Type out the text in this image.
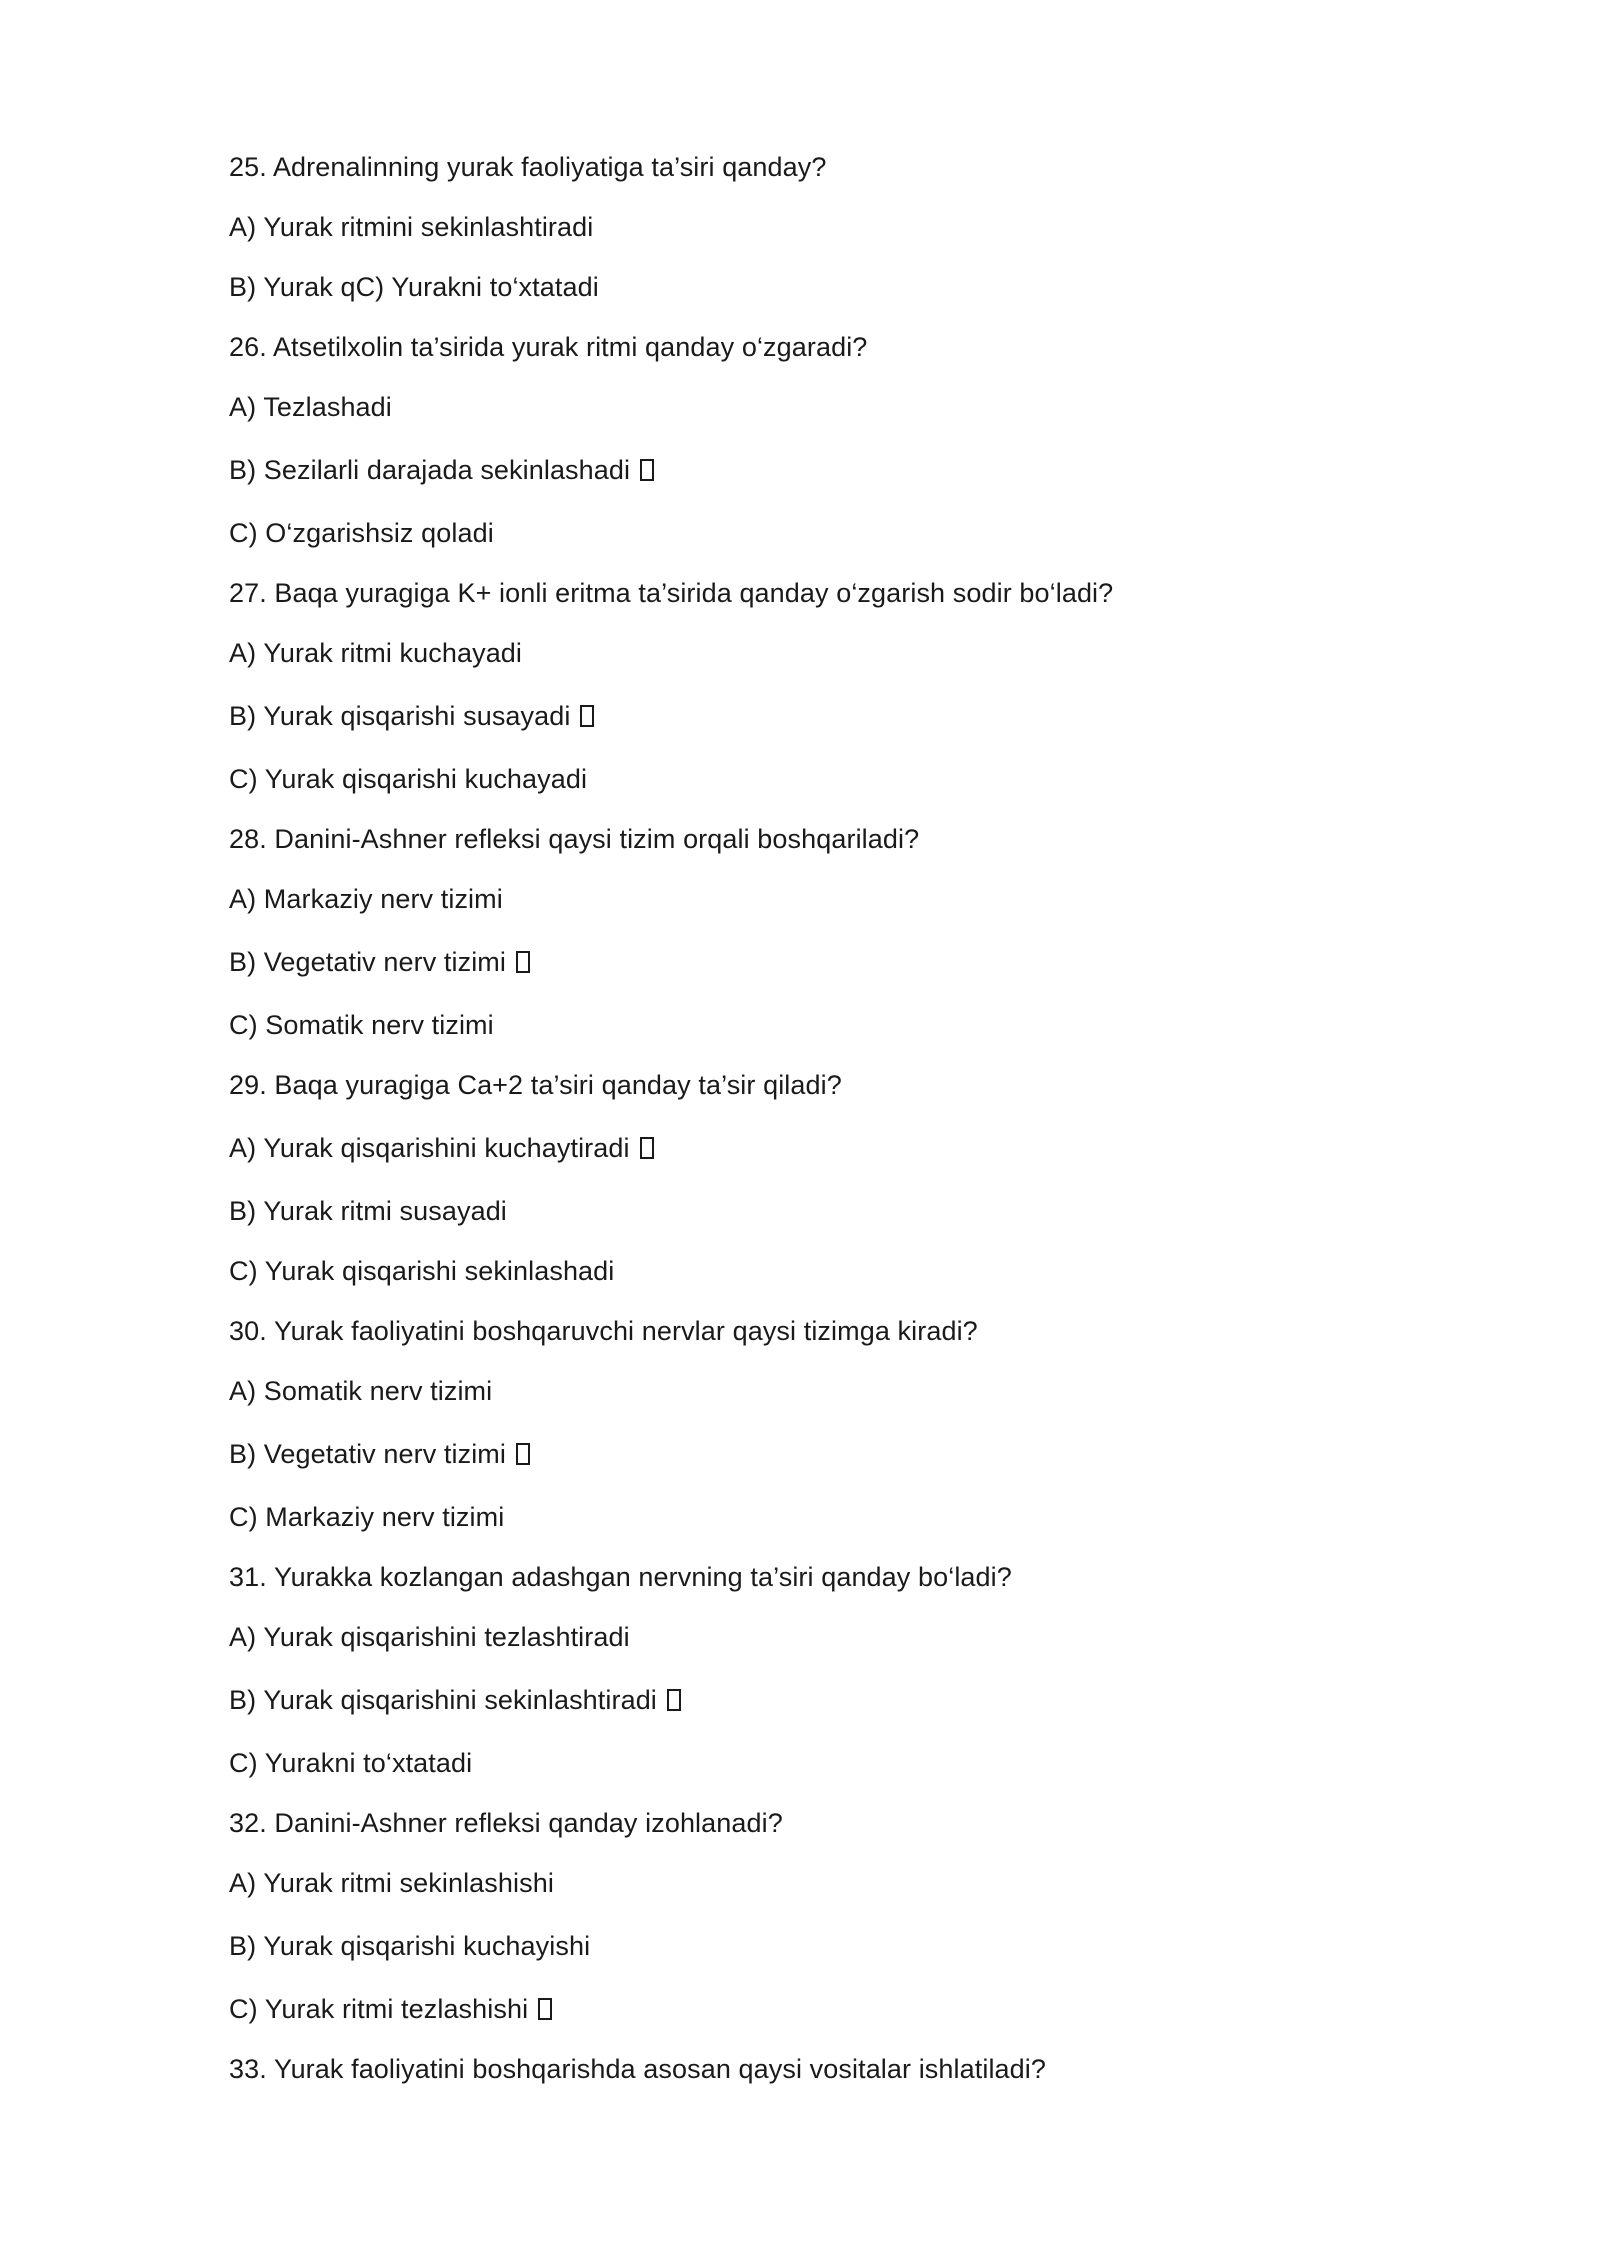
25. Adrenalinning yurak faoliyatiga ta’siri qanday?
A) Yurak ritmini sekinlashtiradi
B) Yurak qC) Yurakni to‘xtatadi
26. Atsetilxolin ta’sirida yurak ritmi qanday o‘zgaradi?
A) Tezlashadi
B) Sezilarli darajada sekinlashadi
C) O‘zgarishsiz qoladi
27. Baqa yuragiga K+ ionli eritma ta’sirida qanday o‘zgarish sodir bo‘ladi?
A) Yurak ritmi kuchayadi
B) Yurak qisqarishi susayadi
C) Yurak qisqarishi kuchayadi
28. Danini-Ashner refleksi qaysi tizim orqali boshqariladi?
A) Markaziy nerv tizimi
B) Vegetativ nerv tizimi
C) Somatik nerv tizimi
29. Baqa yuragiga Ca+2 ta’siri qanday ta’sir qiladi?
A) Yurak qisqarishini kuchaytiradi
B) Yurak ritmi susayadi
C) Yurak qisqarishi sekinlashadi
30. Yurak faoliyatini boshqaruvchi nervlar qaysi tizimga kiradi?
A) Somatik nerv tizimi
B) Vegetativ nerv tizimi
C) Markaziy nerv tizimi
31. Yurakka kozlangan adashgan nervning ta’siri qanday bo‘ladi?
A) Yurak qisqarishini tezlashtiradi
B) Yurak qisqarishini sekinlashtiradi
C) Yurakni to‘xtatadi
32. Danini-Ashner refleksi qanday izohlanadi?
A) Yurak ritmi sekinlashishi
B) Yurak qisqarishi kuchayishi
C) Yurak ritmi tezlashishi
33. Yurak faoliyatini boshqarishda asosan qaysi vositalar ishlatiladi?
